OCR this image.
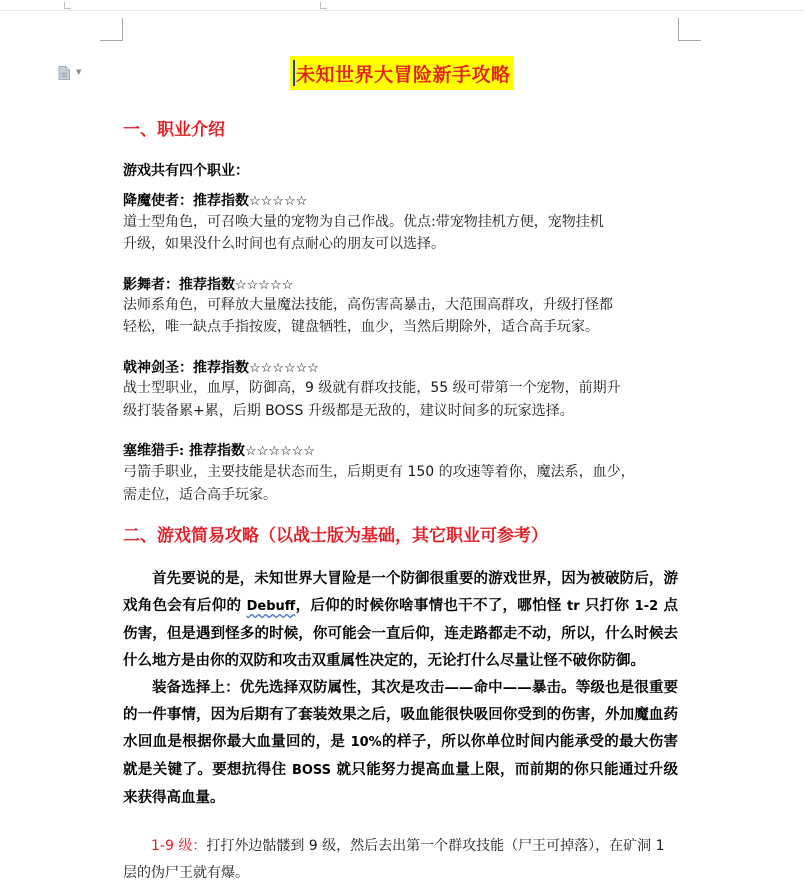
▼	未知世界大冒险新手攻略
一、职业介绍
游戏共有四个职业：
降魔使者：推荐指数☆☆☆☆☆
道士型角色，可召唤大量的宠物为自己作战。优点:带宠物挂机方便，宠物挂机
升级，如果没什么时间也有点耐心的朋友可以选择。
影舞者：推荐指数☆☆☆☆☆
法师系角色，可释放大量魔法技能，高伤害高暴击，大范围高群攻，升级打怪都
轻松，唯一缺点手指按废，键盘牺牲，血少，当然后期除外，适合高手玩家。
戟神剑圣：推荐指数☆☆☆☆☆☆
战士型职业，血厚，防御高，9 级就有群攻技能，55 级可带第一个宠物，前期升
级打装备累+累，后期 BOSS 升级都是无敌的，建议时间多的玩家选择。
塞维猎手: 推荐指数☆☆☆☆☆☆
弓箭手职业，主要技能是状态而生，后期更有 150 的攻速等着你，魔法系，血少，
需走位，适合高手玩家。
二、游戏简易攻略（以战士版为基础，其它职业可参考）

首先要说的是，未知世界大冒险是一个防御很重要的游戏世界，因为被破防后，游戏角色会有后仰的 Debuff，后仰的时候你啥事情也干不了，哪怕怪 tr 只打你 1-2 点伤害，但是遇到怪多的时候，你可能会一直后仰，连走路都走不动，所以，什么时候去什么地方是由你的双防和攻击双重属性决定的，无论打什么尽量让怪不破你防御。

装备选择上：优先选择双防属性，其次是攻击——命中——暴击。等级也是很重要的一件事情，因为后期有了套装效果之后，吸血能很快吸回你受到的伤害，外加魔血药水回血是根据你最大血量回的，是 10%的样子，所以你单位时间内能承受的最大伤害就是关键了。要想抗得住 BOSS 就只能努力提高血量上限，而前期的你只能通过升级来获得高血量。

1-9 级：打打外边骷髅到 9 级，然后去出第一个群攻技能（尸王可掉落），在矿洞 1 层的伪尸王就有爆。
